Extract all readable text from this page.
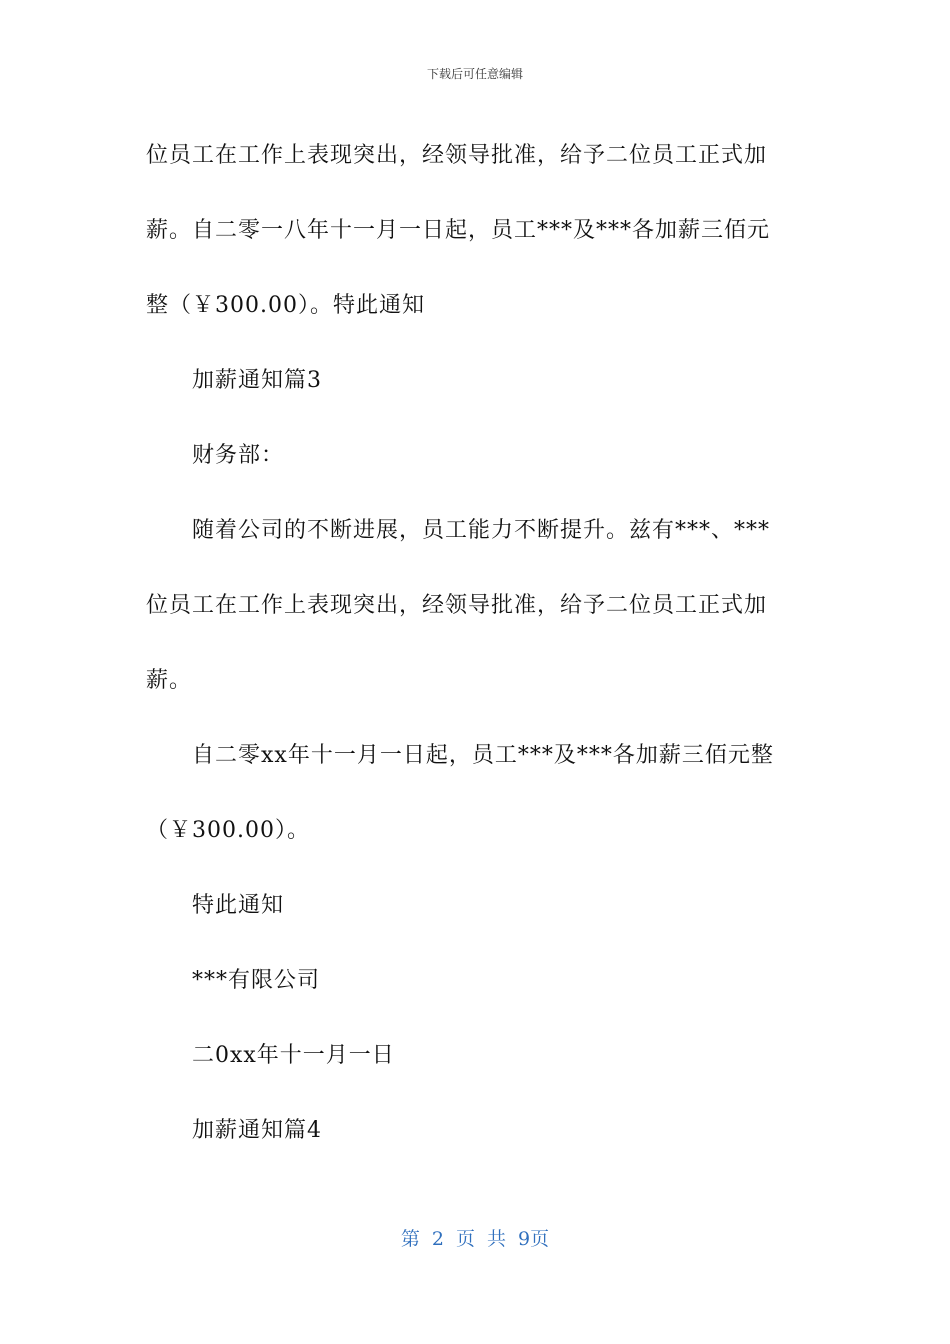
下载后可任意编辑
位员工在工作上表现突出，经领导批准，给予二位员工正式加
薪。自二零一八年十一月一日起，员工***及***各加薪三佰元
整（￥300.00）。特此通知
加薪通知篇3
财务部：
随着公司的不断进展，员工能力不断提升。兹有***、***
位员工在工作上表现突出，经领导批准，给予二位员工正式加
薪。
自二零xx年十一月一日起，员工***及***各加薪三佰元整
（￥300.00）。
特此通知
***有限公司
二0xx年十一月一日
加薪通知篇4
第 2 页 共 9页
